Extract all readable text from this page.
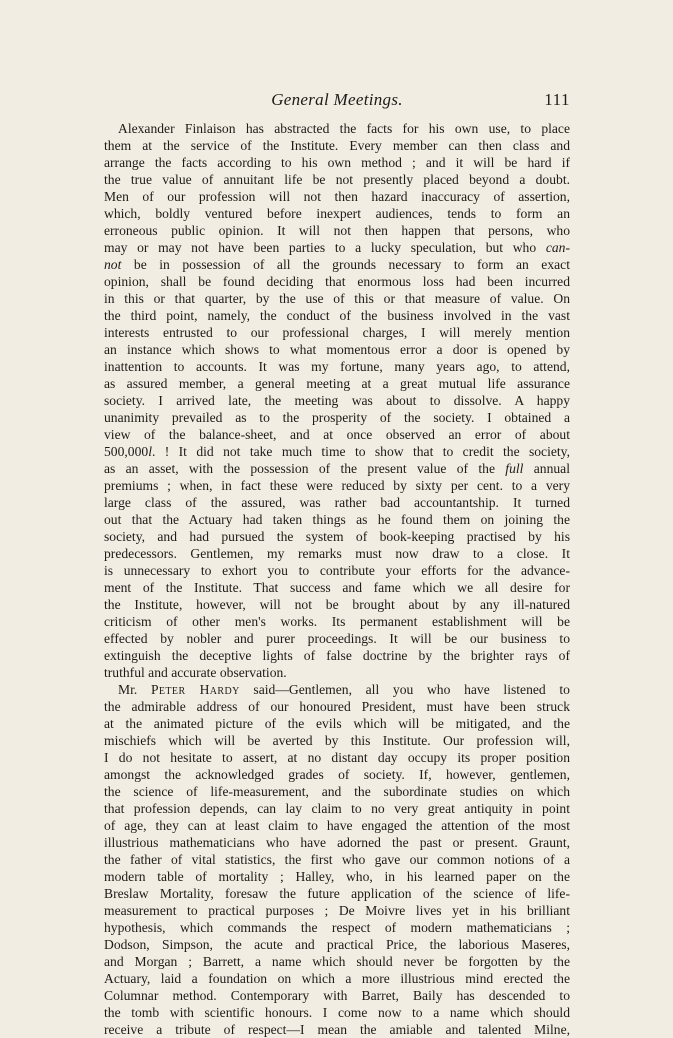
General Meetings.	111
Alexander Finlaison has abstracted the facts for his own use, to place
them at the service of the Institute. Every member can then class and
arrange the facts according to his own method ; and it will be hard if
the true value of annuitant life be not presently placed beyond a doubt.
Men of our profession will not then hazard inaccuracy of assertion,
which, boldly ventured before inexpert audiences, tends to form an
erroneous public opinion. It will not then happen that persons, who
may or may not have been parties to a lucky speculation, but who can-
not be in possession of all the grounds necessary to form an exact
opinion, shall be found deciding that enormous loss had been incurred
in this or that quarter, by the use of this or that measure of value. On
the third point, namely, the conduct of the business involved in the vast
interests entrusted to our professional charges, I will merely mention
an instance which shows to what momentous error a door is opened by
inattention to accounts. It was my fortune, many years ago, to attend,
as assured member, a general meeting at a great mutual life assurance
society. I arrived late, the meeting was about to dissolve. A happy
unanimity prevailed as to the prosperity of the society. I obtained a
view of the balance-sheet, and at once observed an error of about
500,000l. ! It did not take much time to show that to credit the society,
as an asset, with the possession of the present value of the full annual
premiums ; when, in fact these were reduced by sixty per cent. to a very
large class of the assured, was rather bad accountantship. It turned
out that the Actuary had taken things as he found them on joining the
society, and had pursued the system of book-keeping practised by his
predecessors. Gentlemen, my remarks must now draw to a close. It
is unnecessary to exhort you to contribute your efforts for the advance-
ment of the Institute. That success and fame which we all desire for
the Institute, however, will not be brought about by any ill-natured
criticism of other men's works. Its permanent establishment will be
effected by nobler and purer proceedings. It will be our business to
extinguish the deceptive lights of false doctrine by the brighter rays of
truthful and accurate observation.
Mr. Peter Hardy said—Gentlemen, all you who have listened to
the admirable address of our honoured President, must have been struck
at the animated picture of the evils which will be mitigated, and the
mischiefs which will be averted by this Institute. Our profession will,
I do not hesitate to assert, at no distant day occupy its proper position
amongst the acknowledged grades of society. If, however, gentlemen,
the science of life-measurement, and the subordinate studies on which
that profession depends, can lay claim to no very great antiquity in point
of age, they can at least claim to have engaged the attention of the most
illustrious mathematicians who have adorned the past or present. Graunt,
the father of vital statistics, the first who gave our common notions of a
modern table of mortality ; Halley, who, in his learned paper on the
Breslaw Mortality, foresaw the future application of the science of life-
measurement to practical purposes ; De Moivre lives yet in his brilliant
hypothesis, which commands the respect of modern mathematicians ;
Dodson, Simpson, the acute and practical Price, the laborious Maseres,
and Morgan ; Barrett, a name which should never be forgotten by the
Actuary, laid a foundation on which a more illustrious mind erected the
Columnar method. Contemporary with Barret, Baily has descended to
the tomb with scientific honours. I come now to a name which should
receive a tribute of respect—I mean the amiable and talented Milne,
